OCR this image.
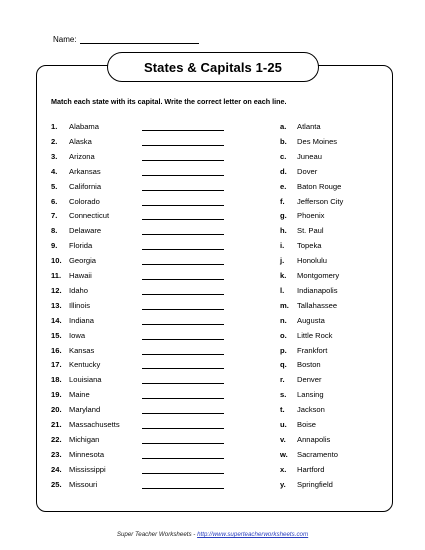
Name:
States & Capitals 1-25
Match each state with its capital. Write the correct letter on each line.
1. Alabama	a. Atlanta
2. Alaska	b. Des Moines
3. Arizona	c. Juneau
4. Arkansas	d. Dover
5. California	e. Baton Rouge
6. Colorado	f. Jefferson City
7. Connecticut	g. Phoenix
8. Delaware	h. St. Paul
9. Florida	i. Topeka
10. Georgia	j. Honolulu
11. Hawaii	k. Montgomery
12. Idaho	l. Indianapolis
13. Illinois	m. Tallahassee
14. Indiana	n. Augusta
15. Iowa	o. Little Rock
16. Kansas	p. Frankfort
17. Kentucky	q. Boston
18. Louisiana	r. Denver
19. Maine	s. Lansing
20. Maryland	t. Jackson
21. Massachusetts	u. Boise
22. Michigan	v. Annapolis
23. Minnesota	w. Sacramento
24. Mississippi	x. Hartford
25. Missouri	y. Springfield
Super Teacher Worksheets - http://www.superteacherworksheets.com
